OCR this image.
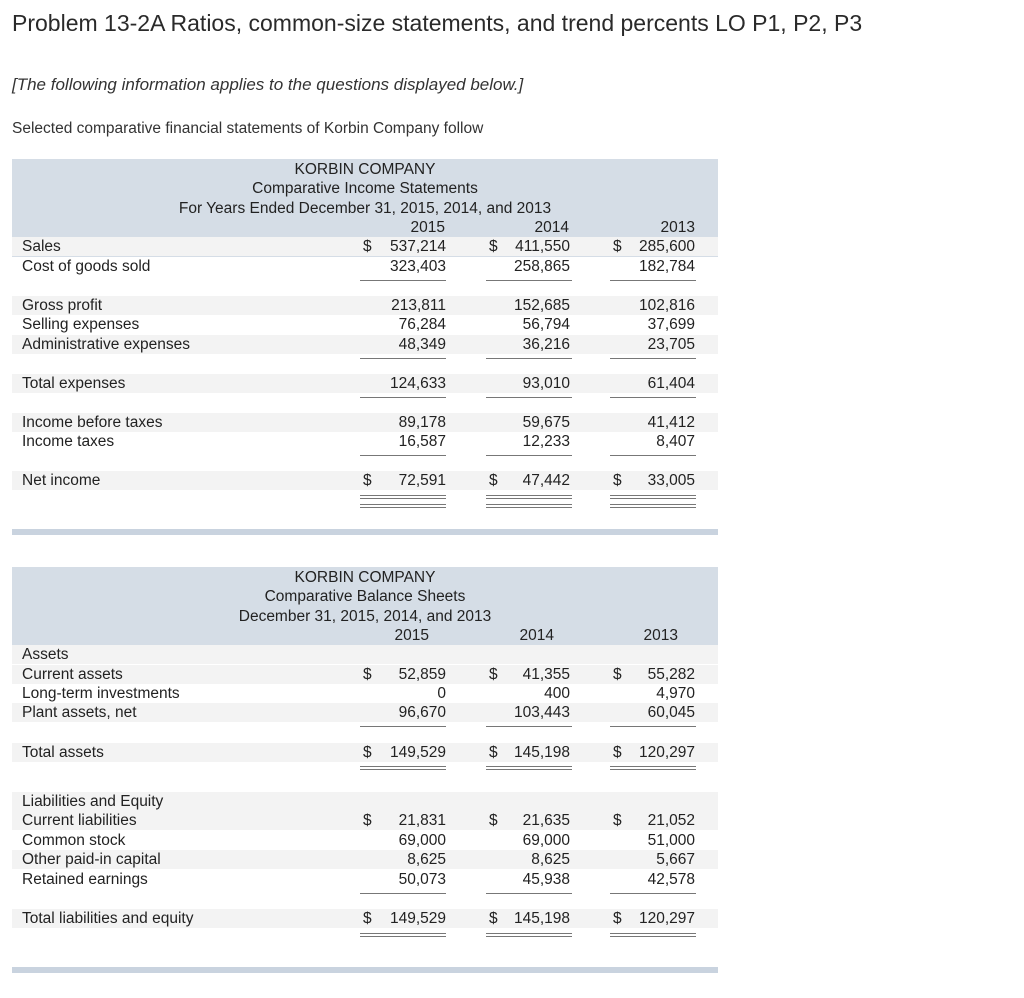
Problem 13-2A Ratios, common-size statements, and trend percents LO P1, P2, P3
[The following information applies to the questions displayed below.]
Selected comparative financial statements of Korbin Company follow
KORBIN COMPANY
Comparative Income Statements
For Years Ended December 31, 2015, 2014, and 2013
2015	2014	2013
Sales	$	537,214	$	411,550	$	285,600
Cost of goods sold	323,403	258,865	182,784
Gross profit	213,811	152,685	102,816
Selling expenses	76,284	56,794	37,699
Administrative expenses	48,349	36,216	23,705
Total expenses	124,633	93,010	61,404
Income before taxes	89,178	59,675	41,412
Income taxes	16,587	12,233	8,407
Net income	$	72,591	$	47,442	$	33,005
KORBIN COMPANY
Comparative Balance Sheets
December 31, 2015, 2014, and 2013
2015	2014	2013
Assets
Current assets	$	52,859	$	41,355	$	55,282
Long-term investments	0	400	4,970
Plant assets, net	96,670	103,443	60,045
Total assets	$	149,529	$	145,198	$	120,297
Liabilities and Equity
Current liabilities	$	21,831	$	21,635	$	21,052
Common stock	69,000	69,000	51,000
Other paid-in capital	8,625	8,625	5,667
Retained earnings	50,073	45,938	42,578
Total liabilities and equity	$	149,529	$	145,198	$	120,297
